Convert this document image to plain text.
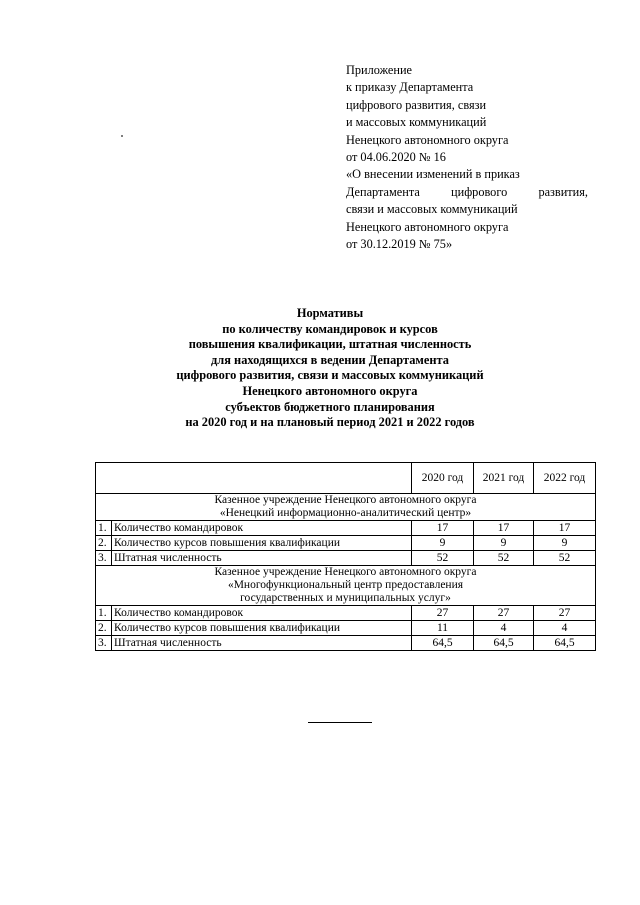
Приложение
к приказу Департамента
цифрового развития, связи
и массовых коммуникаций
Ненецкого автономного округа
от 04.06.2020 № 16
«О внесении изменений в приказ
Департамента цифрового развития,
связи и массовых коммуникаций
Ненецкого автономного округа
от 30.12.2019 № 75»
Нормативы
по количеству командировок и курсов
повышения квалификации, штатная численность
для находящихся в ведении Департамента
цифрового развития, связи и массовых коммуникаций
Ненецкого автономного округа
субъектов бюджетного планирования
на 2020 год и на плановый период 2021 и 2022 годов
		2020 год	2021 год	2022 год

Казенное учреждение Ненецкого автономного округа
«Ненецкий информационно-аналитический центр»				

1.	Количество командировок	17	17	17
2.	Количество курсов повышения квалификации	9	9	9
3.	Штатная численность	52	52	52

Казенное учреждение Ненецкого автономного округа
«Многофункциональный центр предоставления
государственных и муниципальных услуг»				

1.	Количество командировок	27	27	27
2.	Количество курсов повышения квалификации	11	4	4
3.	Штатная численность	64,5	64,5	64,5
